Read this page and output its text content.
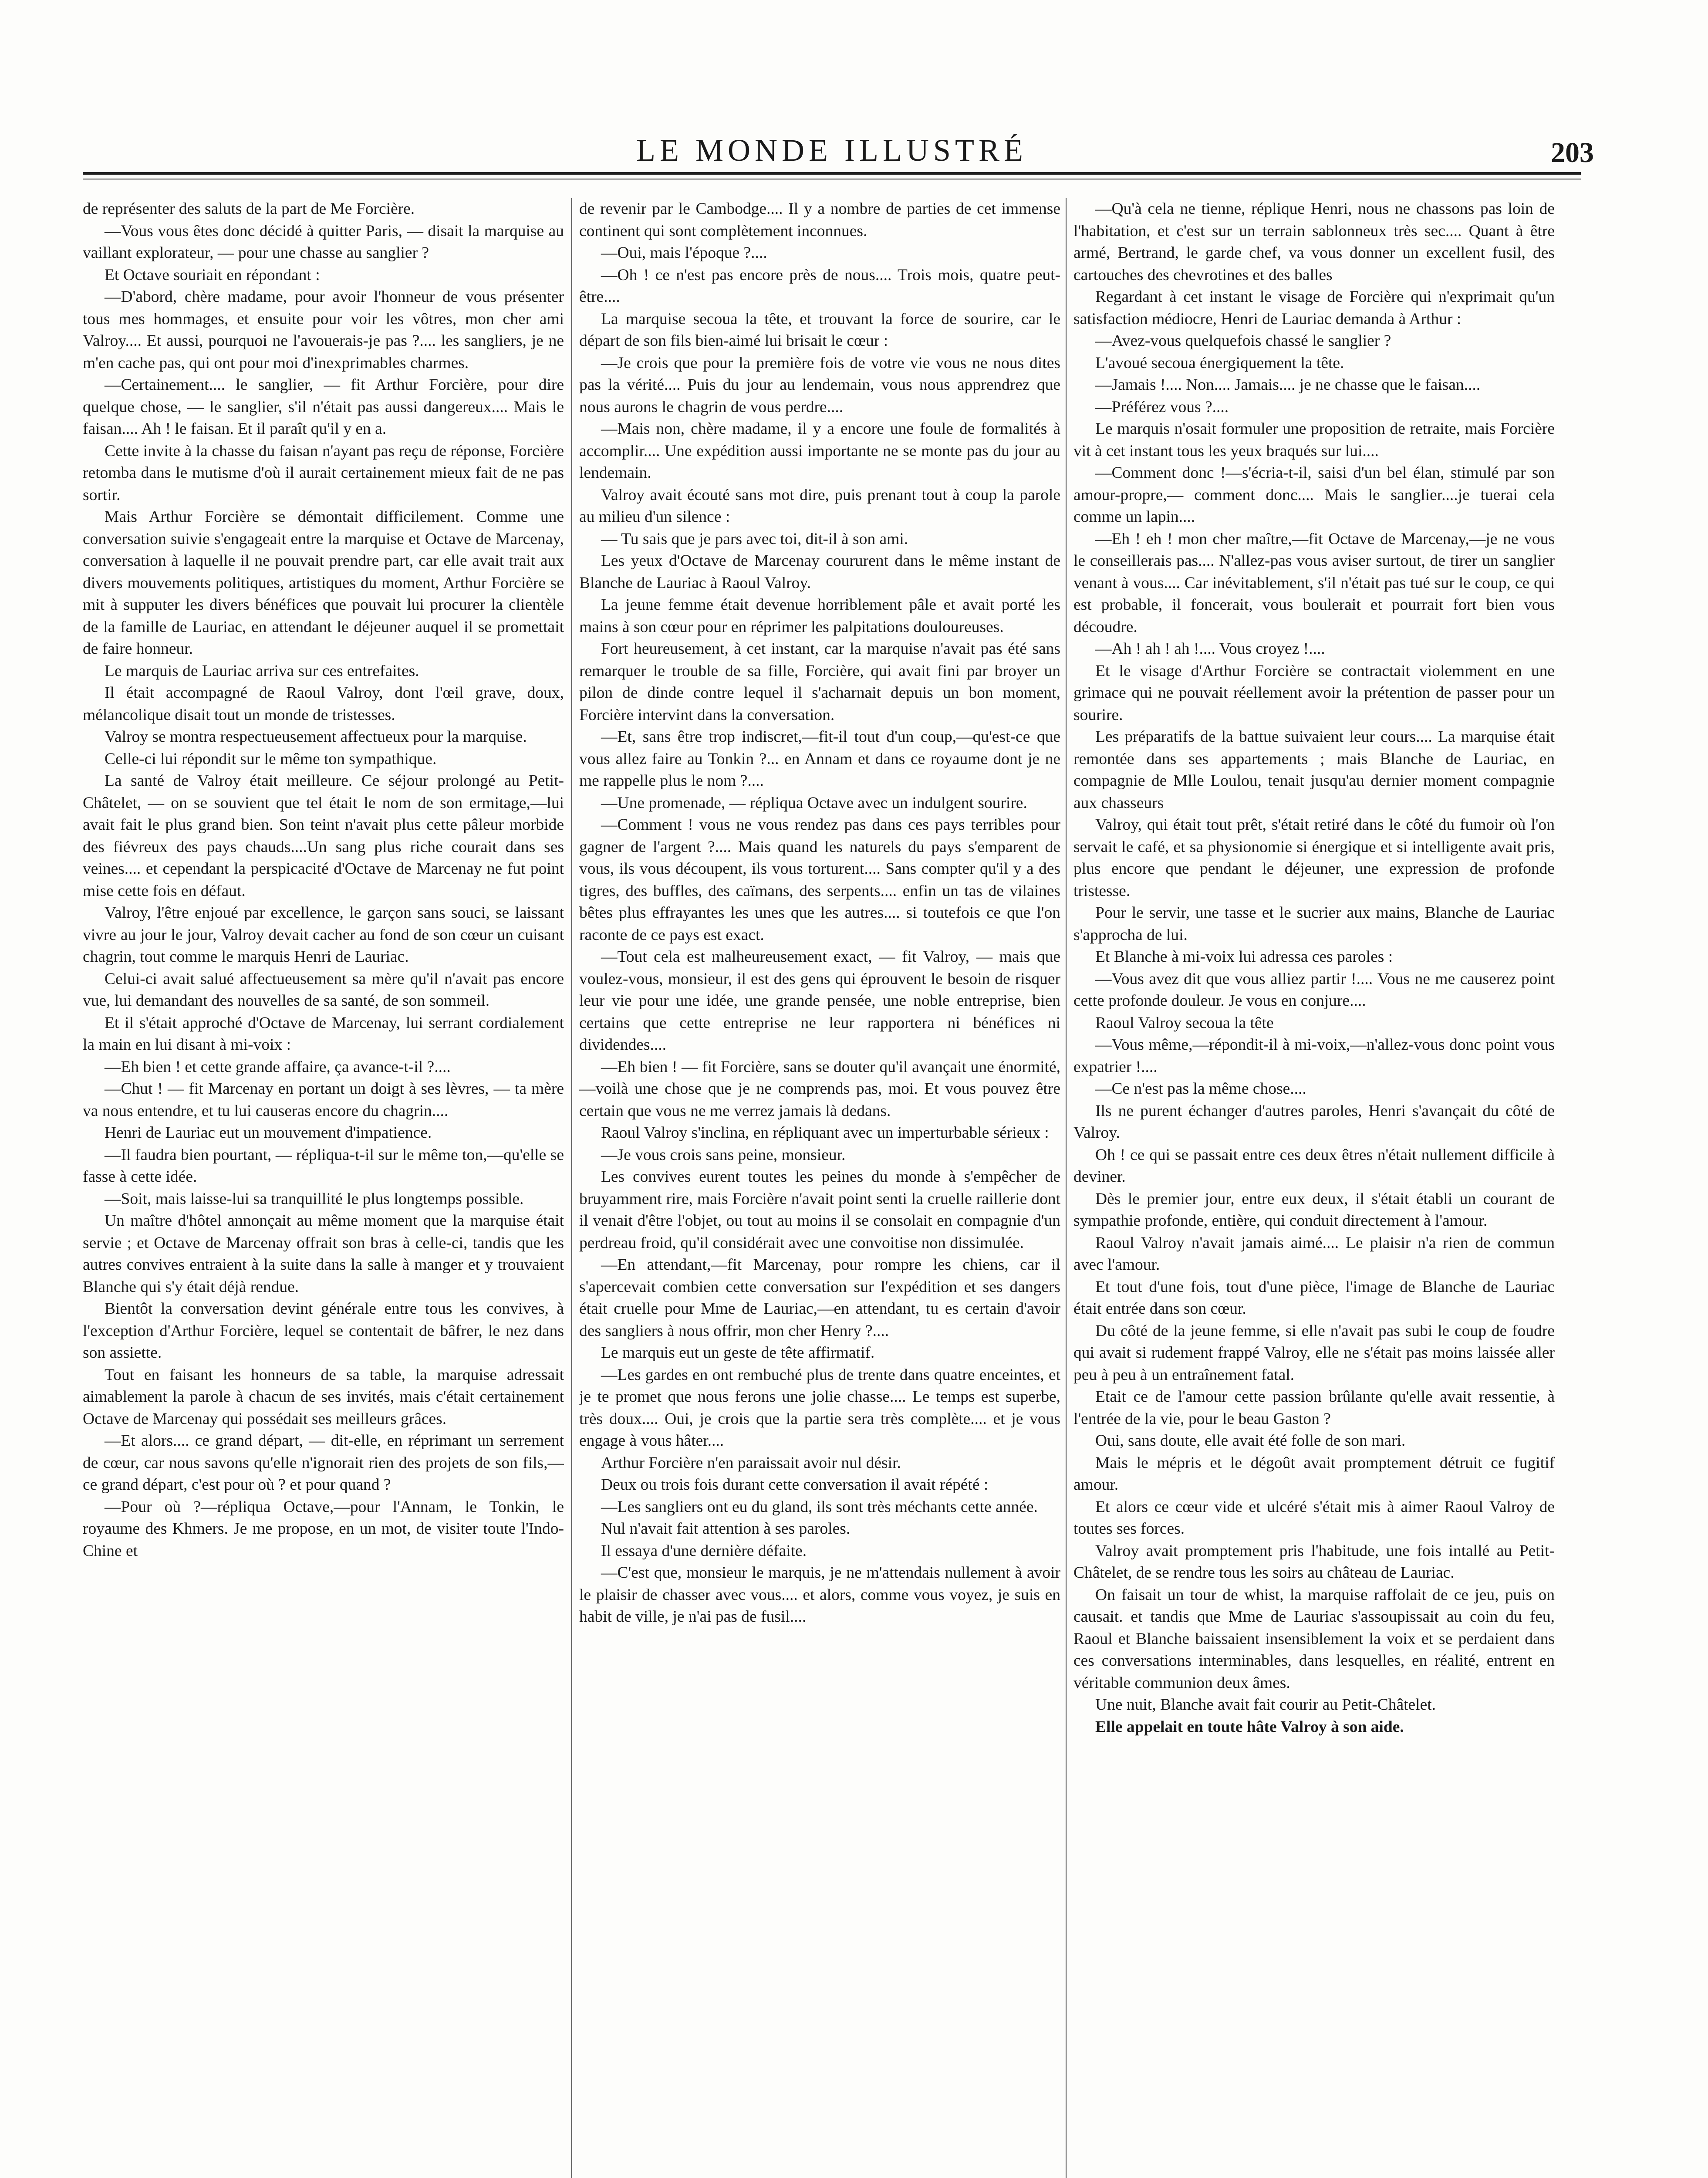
LE MONDE ILLUSTRÉ	203

de représenter des saluts de la part de Me Forcière.

—Vous vous êtes donc décidé à quitter Paris, — disait la marquise au vaillant explorateur, — pour une chasse au sanglier ?

Et Octave souriait en répondant :

—D'abord, chère madame, pour avoir l'honneur de vous présenter tous mes hommages, et ensuite pour voir les vôtres, mon cher ami Valroy.... Et aussi, pourquoi ne l'avouerais-je pas ?.... les sangliers, je ne m'en cache pas, qui ont pour moi d'inexprimables charmes.

—Certainement.... le sanglier, — fit Arthur Forcière, pour dire quelque chose, — le sanglier, s'il n'était pas aussi dangereux.... Mais le faisan.... Ah ! le faisan. Et il paraît qu'il y en a.

Cette invite à la chasse du faisan n'ayant pas reçu de réponse, Forcière retomba dans le mutisme d'où il aurait certainement mieux fait de ne pas sortir.

Mais Arthur Forcière se démontait difficilement. Comme une conversation suivie s'engageait entre la marquise et Octave de Marcenay, conversation à laquelle il ne pouvait prendre part, car elle avait trait aux divers mouvements politiques, artistiques du moment, Arthur Forcière se mit à supputer les divers bénéfices que pouvait lui procurer la clientèle de la famille de Lauriac, en attendant le déjeuner auquel il se promettait de faire honneur.

Le marquis de Lauriac arriva sur ces entrefaites.

Il était accompagné de Raoul Valroy, dont l'œil grave, doux, mélancolique disait tout un monde de tristesses.

Valroy se montra respectueusement affectueux pour la marquise.

Celle-ci lui répondit sur le même ton sympathique.

La santé de Valroy était meilleure. Ce séjour prolongé au Petit-Châtelet, — on se souvient que tel était le nom de son ermitage,—lui avait fait le plus grand bien. Son teint n'avait plus cette pâleur morbide des fiévreux des pays chauds....Un sang plus riche courait dans ses veines.... et cependant la perspicacité d'Octave de Marcenay ne fut point mise cette fois en défaut.

Valroy, l'être enjoué par excellence, le garçon sans souci, se laissant vivre au jour le jour, Valroy devait cacher au fond de son cœur un cuisant chagrin, tout comme le marquis Henri de Lauriac.

Celui-ci avait salué affectueusement sa mère qu'il n'avait pas encore vue, lui demandant des nouvelles de sa santé, de son sommeil.

Et il s'était approché d'Octave de Marcenay, lui serrant cordialement la main en lui disant à mi-voix :

—Eh bien ! et cette grande affaire, ça avance-t-il ?....

—Chut ! — fit Marcenay en portant un doigt à ses lèvres, — ta mère va nous entendre, et tu lui causeras encore du chagrin....

Henri de Lauriac eut un mouvement d'impatience.

—Il faudra bien pourtant, — répliqua-t-il sur le même ton,—qu'elle se fasse à cette idée.

—Soit, mais laisse-lui sa tranquillité le plus longtemps possible.

Un maître d'hôtel annonçait au même moment que la marquise était servie ; et Octave de Marcenay offrait son bras à celle-ci, tandis que les autres convives entraient à la suite dans la salle à manger et y trouvaient Blanche qui s'y était déjà rendue.

Bientôt la conversation devint générale entre tous les convives, à l'exception d'Arthur Forcière, lequel se contentait de bâfrer, le nez dans son assiette.

Tout en faisant les honneurs de sa table, la marquise adressait aimablement la parole à chacun de ses invités, mais c'était certainement Octave de Marcenay qui possédait ses meilleurs grâces.

—Et alors.... ce grand départ, — dit-elle, en réprimant un serrement de cœur, car nous savons qu'elle n'ignorait rien des projets de son fils,—ce grand départ, c'est pour où ? et pour quand ?

—Pour où ?—répliqua Octave,—pour l'Annam, le Tonkin, le royaume des Khmers. Je me propose, en un mot, de visiter toute l'Indo-Chine et

de revenir par le Cambodge.... Il y a nombre de parties de cet immense continent qui sont complètement inconnues.

—Oui, mais l'époque ?....

—Oh ! ce n'est pas encore près de nous.... Trois mois, quatre peut-être....

La marquise secoua la tête, et trouvant la force de sourire, car le départ de son fils bien-aimé lui brisait le cœur :

—Je crois que pour la première fois de votre vie vous ne nous dites pas la vérité.... Puis du jour au lendemain, vous nous apprendrez que nous aurons le chagrin de vous perdre....

—Mais non, chère madame, il y a encore une foule de formalités à accomplir.... Une expédition aussi importante ne se monte pas du jour au lendemain.

Valroy avait écouté sans mot dire, puis prenant tout à coup la parole au milieu d'un silence :

— Tu sais que je pars avec toi, dit-il à son ami.

Les yeux d'Octave de Marcenay coururent dans le même instant de Blanche de Lauriac à Raoul Valroy.

La jeune femme était devenue horriblement pâle et avait porté les mains à son cœur pour en réprimer les palpitations douloureuses.

Fort heureusement, à cet instant, car la marquise n'avait pas été sans remarquer le trouble de sa fille, Forcière, qui avait fini par broyer un pilon de dinde contre lequel il s'acharnait depuis un bon moment, Forcière intervint dans la conversation.

—Et, sans être trop indiscret,—fit-il tout d'un coup,—qu'est-ce que vous allez faire au Tonkin ?... en Annam et dans ce royaume dont je ne me rappelle plus le nom ?....

—Une promenade, — répliqua Octave avec un indulgent sourire.

—Comment ! vous ne vous rendez pas dans ces pays terribles pour gagner de l'argent ?.... Mais quand les naturels du pays s'emparent de vous, ils vous découpent, ils vous torturent.... Sans compter qu'il y a des tigres, des buffles, des caïmans, des serpents.... enfin un tas de vilaines bêtes plus effrayantes les unes que les autres.... si toutefois ce que l'on raconte de ce pays est exact.

—Tout cela est malheureusement exact, — fit Valroy, — mais que voulez-vous, monsieur, il est des gens qui éprouvent le besoin de risquer leur vie pour une idée, une grande pensée, une noble entreprise, bien certains que cette entreprise ne leur rapportera ni bénéfices ni dividendes....

—Eh bien ! — fit Forcière, sans se douter qu'il avançait une énormité,—voilà une chose que je ne comprends pas, moi. Et vous pouvez être certain que vous ne me verrez jamais là dedans.

Raoul Valroy s'inclina, en répliquant avec un imperturbable sérieux :

—Je vous crois sans peine, monsieur.

Les convives eurent toutes les peines du monde à s'empêcher de bruyamment rire, mais Forcière n'avait point senti la cruelle raillerie dont il venait d'être l'objet, ou tout au moins il se consolait en compagnie d'un perdreau froid, qu'il considérait avec une convoitise non dissimulée.

—En attendant,—fit Marcenay, pour rompre les chiens, car il s'apercevait combien cette conversation sur l'expédition et ses dangers était cruelle pour Mme de Lauriac,—en attendant, tu es certain d'avoir des sangliers à nous offrir, mon cher Henry ?....

Le marquis eut un geste de tête affirmatif.

—Les gardes en ont rembuché plus de trente dans quatre enceintes, et je te promet que nous ferons une jolie chasse.... Le temps est superbe, très doux.... Oui, je crois que la partie sera très complète.... et je vous engage à vous hâter....

Arthur Forcière n'en paraissait avoir nul désir.

Deux ou trois fois durant cette conversation il avait répété :

—Les sangliers ont eu du gland, ils sont très méchants cette année.

Nul n'avait fait attention à ses paroles.

Il essaya d'une dernière défaite.

—C'est que, monsieur le marquis, je ne m'attendais nullement à avoir le plaisir de chasser avec vous.... et alors, comme vous voyez, je suis en habit de ville, je n'ai pas de fusil....

—Qu'à cela ne tienne, réplique Henri, nous ne chassons pas loin de l'habitation, et c'est sur un terrain sablonneux très sec.... Quant à être armé, Bertrand, le garde chef, va vous donner un excellent fusil, des cartouches des chevrotines et des balles

Regardant à cet instant le visage de Forcière qui n'exprimait qu'un satisfaction médiocre, Henri de Lauriac demanda à Arthur :

—Avez-vous quelquefois chassé le sanglier ?

L'avoué secoua énergiquement la tête.

—Jamais !.... Non.... Jamais.... je ne chasse que le faisan....

—Préférez vous ?....

Le marquis n'osait formuler une proposition de retraite, mais Forcière vit à cet instant tous les yeux braqués sur lui....

—Comment donc !—s'écria-t-il, saisi d'un bel élan, stimulé par son amour-propre,— comment donc.... Mais le sanglier....je tuerai cela comme un lapin....

—Eh ! eh ! mon cher maître,—fit Octave de Marcenay,—je ne vous le conseillerais pas.... N'allez-pas vous aviser surtout, de tirer un sanglier venant à vous.... Car inévitablement, s'il n'était pas tué sur le coup, ce qui est probable, il foncerait, vous boulerait et pourrait fort bien vous découdre.

—Ah ! ah ! ah !.... Vous croyez !....

Et le visage d'Arthur Forcière se contractait violemment en une grimace qui ne pouvait réellement avoir la prétention de passer pour un sourire.

Les préparatifs de la battue suivaient leur cours.... La marquise était remontée dans ses appartements ; mais Blanche de Lauriac, en compagnie de Mlle Loulou, tenait jusqu'au dernier moment compagnie aux chasseurs

Valroy, qui était tout prêt, s'était retiré dans le côté du fumoir où l'on servait le café, et sa physionomie si énergique et si intelligente avait pris, plus encore que pendant le déjeuner, une expression de profonde tristesse.

Pour le servir, une tasse et le sucrier aux mains, Blanche de Lauriac s'approcha de lui.

Et Blanche à mi-voix lui adressa ces paroles :

—Vous avez dit que vous alliez partir !.... Vous ne me causerez point cette profonde douleur. Je vous en conjure....

Raoul Valroy secoua la tête

—Vous même,—répondit-il à mi-voix,—n'allez-vous donc point vous expatrier !....

—Ce n'est pas la même chose....

Ils ne purent échanger d'autres paroles, Henri s'avançait du côté de Valroy.

Oh ! ce qui se passait entre ces deux êtres n'était nullement difficile à deviner.

Dès le premier jour, entre eux deux, il s'était établi un courant de sympathie profonde, entière, qui conduit directement à l'amour.

Raoul Valroy n'avait jamais aimé.... Le plaisir n'a rien de commun avec l'amour.

Et tout d'une fois, tout d'une pièce, l'image de Blanche de Lauriac était entrée dans son cœur.

Du côté de la jeune femme, si elle n'avait pas subi le coup de foudre qui avait si rudement frappé Valroy, elle ne s'était pas moins laissée aller peu à peu à un entraînement fatal.

Etait ce de l'amour cette passion brûlante qu'elle avait ressentie, à l'entrée de la vie, pour le beau Gaston ?

Oui, sans doute, elle avait été folle de son mari.

Mais le mépris et le dégoût avait promptement détruit ce fugitif amour.

Et alors ce cœur vide et ulcéré s'était mis à aimer Raoul Valroy de toutes ses forces.

Valroy avait promptement pris l'habitude, une fois intallé au Petit-Châtelet, de se rendre tous les soirs au château de Lauriac.

On faisait un tour de whist, la marquise raffolait de ce jeu, puis on causait. et tandis que Mme de Lauriac s'assoupissait au coin du feu, Raoul et Blanche baissaient insensiblement la voix et se perdaient dans ces conversations interminables, dans lesquelles, en réalité, entrent en véritable communion deux âmes.

Une nuit, Blanche avait fait courir au Petit-Châtelet.

Elle appelait en toute hâte Valroy à son aide.
